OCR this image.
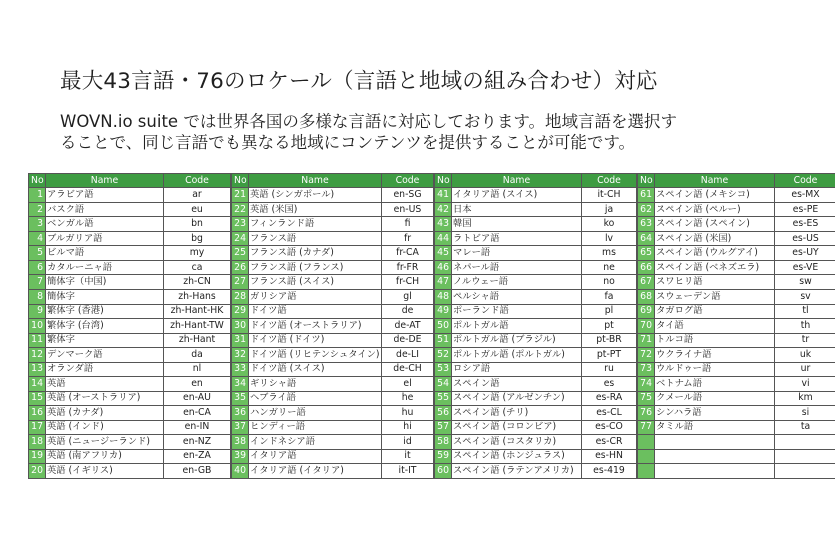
最大43言語・76のロケール（言語と地域の組み合わせ）対応
WOVN.io suite では世界各国の多様な言語に対応しております。地域言語を選択す
ることで、同じ言語でも異なる地域にコンテンツを提供することが可能です。
No	Name	Code
1	アラビア語	ar
2	バスク語	eu
3	ベンガル語	bn
4	ブルガリア語	bg
5	ビルマ語	my
6	カタルーニャ語	ca
7	簡体字（中国)	zh-CN
8	簡体字	zh-Hans
9	繁体字 (香港)	zh-Hant-HK
10	繁体字 (台湾)	zh-Hant-TW
11	繁体字	zh-Hant
12	デンマーク語	da
13	オランダ語	nl
14	英語	en
15	英語 (オーストラリア)	en-AU
16	英語 (カナダ)	en-CA
17	英語 (インド)	en-IN
18	英語 (ニュージーランド)	en-NZ
19	英語 (南アフリカ)	en-ZA
20	英語 (イギリス)	en-GB
No	Name	Code
21	英語 (シンガポール)	en-SG
22	英語 (米国)	en-US
23	フィンランド語	fi
24	フランス語	fr
25	フランス語 (カナダ)	fr-CA
26	フランス語 (フランス)	fr-FR
27	フランス語 (スイス)	fr-CH
28	ガリシア語	gl
29	ドイツ語	de
30	ドイツ語 (オーストラリア)	de-AT
31	ドイツ語 (ドイツ)	de-DE
32	ドイツ語 (リヒテンシュタイン)	de-LI
33	ドイツ語 (スイス)	de-CH
34	ギリシャ語	el
35	ヘブライ語	he
36	ハンガリー語	hu
37	ヒンディー語	hi
38	インドネシア語	id
39	イタリア語	it
40	イタリア語 (イタリア)	it-IT
No	Name	Code
41	イタリア語 (スイス)	it-CH
42	日本	ja
43	韓国	ko
44	ラトビア語	lv
45	マレー語	ms
46	ネパール語	ne
47	ノルウェー語	no
48	ペルシャ語	fa
49	ポーランド語	pl
50	ポルトガル語	pt
51	ポルトガル語 (ブラジル)	pt-BR
52	ポルトガル語 (ポルトガル)	pt-PT
53	ロシア語	ru
54	スペイン語	es
55	スペイン語 (アルゼンチン)	es-RA
56	スペイン語 (チリ)	es-CL
57	スペイン語 (コロンビア)	es-CO
58	スペイン語 (コスタリカ)	es-CR
59	スペイン語 (ホンジュラス)	es-HN
60	スペイン語 (ラテンアメリカ)	es-419
No	Name	Code
61	スペイン語 (メキシコ)	es-MX
62	スペイン語 (ペルー)	es-PE
63	スペイン語 (スペイン)	es-ES
64	スペイン語 (米国)	es-US
65	スペイン語 (ウルグアイ)	es-UY
66	スペイン語 (ベネズエラ)	es-VE
67	スワヒリ語	sw
68	スウェーデン語	sv
69	タガログ語	tl
70	タイ語	th
71	トルコ語	tr
72	ウクライナ語	uk
73	ウルドゥー語	ur
74	ベトナム語	vi
75	クメール語	km
76	シンハラ語	si
77	タミル語	ta
